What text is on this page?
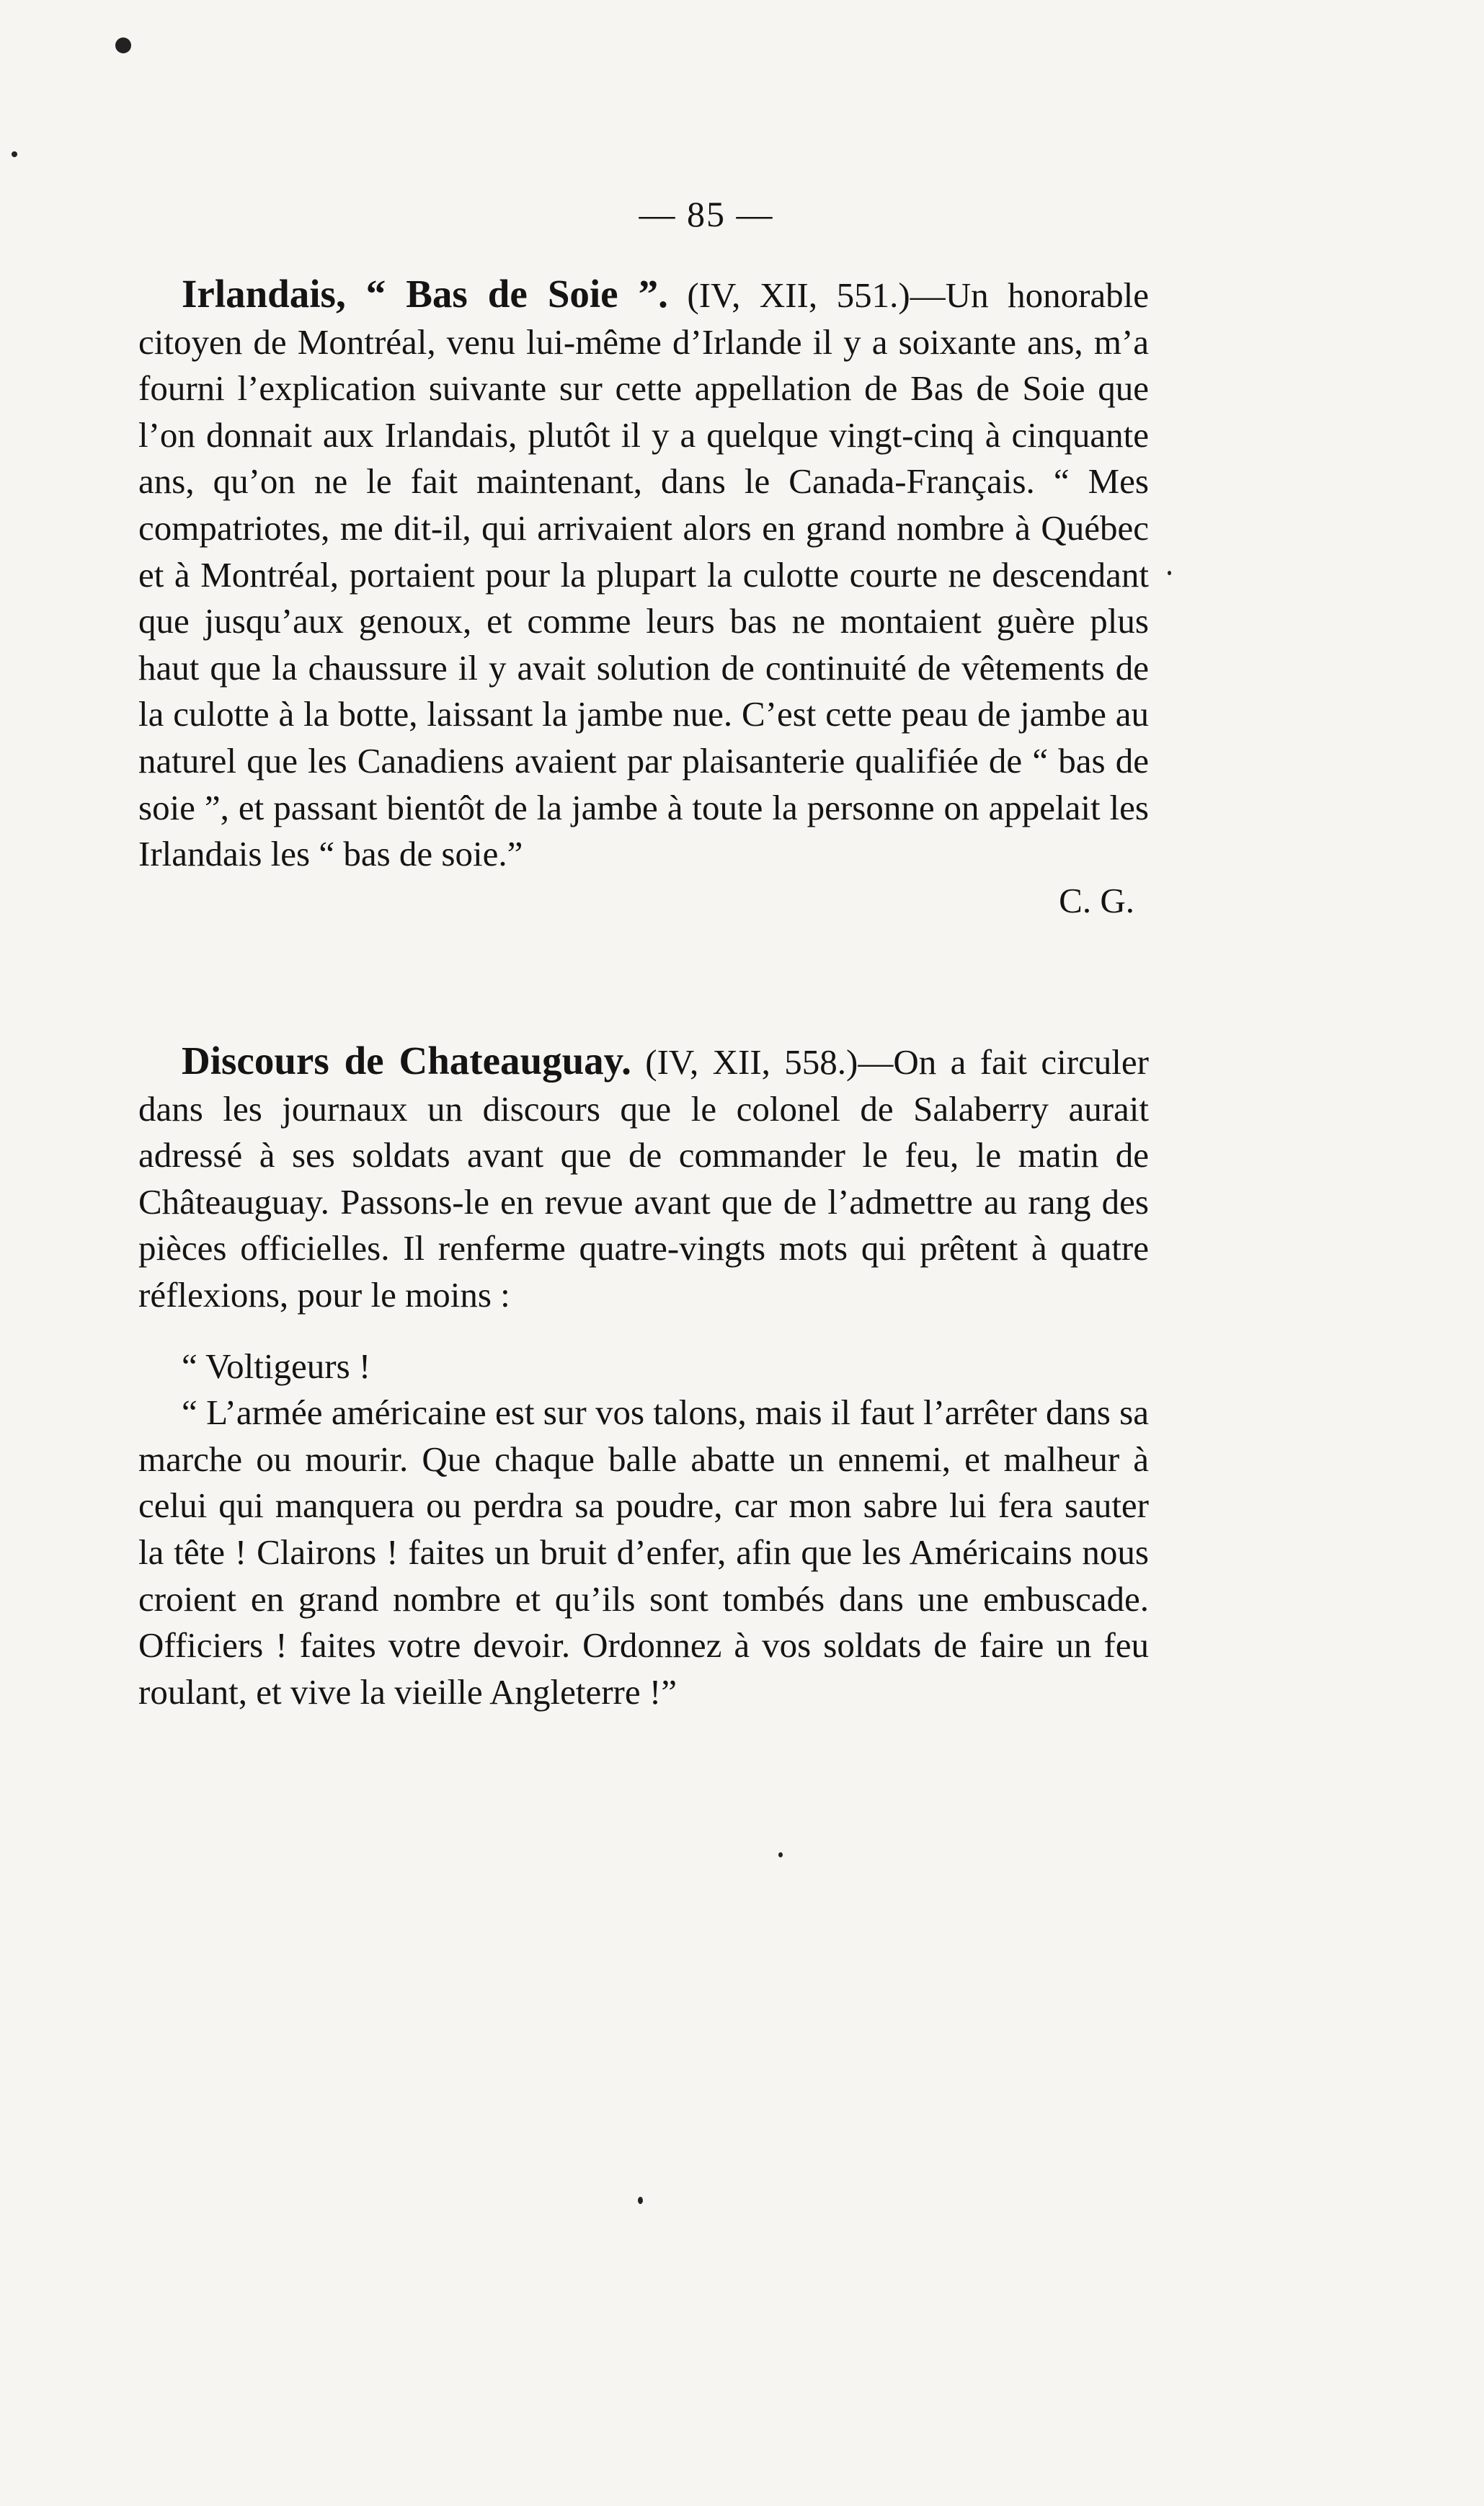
— 85 —

Irlandais, “ Bas de Soie ”. (IV, XII, 551.)—Un honorable citoyen de Montréal, venu lui-même d’Irlande il y a soixante ans, m’a fourni l’explication suivante sur cette appellation de Bas de Soie que l’on donnait aux Irlandais, plutôt il y a quelque vingt-cinq à cinquante ans, qu’on ne le fait maintenant, dans le Canada-Français. “ Mes compatriotes, me dit-il, qui arrivaient alors en grand nombre à Québec et à Montréal, portaient pour la plupart la culotte courte ne descendant que jusqu’aux genoux, et comme leurs bas ne montaient guère plus haut que la chaussure il y avait solution de continuité de vêtements de la culotte à la botte, laissant la jambe nue. C’est cette peau de jambe au naturel que les Canadiens avaient par plaisanterie qualifiée de “ bas de soie ”, et passant bientôt de la jambe à toute la personne on appelait les Irlandais les “ bas de soie.”

C. G.

Discours de Chateauguay. (IV, XII, 558.)—On a fait circuler dans les journaux un discours que le colonel de Salaberry aurait adressé à ses soldats avant que de commander le feu, le matin de Châteauguay. Passons-le en revue avant que de l’admettre au rang des pièces officielles. Il renferme quatre-vingts mots qui prêtent à quatre réflexions, pour le moins :

“ Voltigeurs !

“ L’armée américaine est sur vos talons, mais il faut l’arrêter dans sa marche ou mourir. Que chaque balle abatte un ennemi, et malheur à celui qui manquera ou perdra sa poudre, car mon sabre lui fera sauter la tête ! Clairons ! faites un bruit d’enfer, afin que les Américains nous croient en grand nombre et qu’ils sont tombés dans une embuscade. Officiers ! faites votre devoir. Ordonnez à vos soldats de faire un feu roulant, et vive la vieille Angleterre !”
